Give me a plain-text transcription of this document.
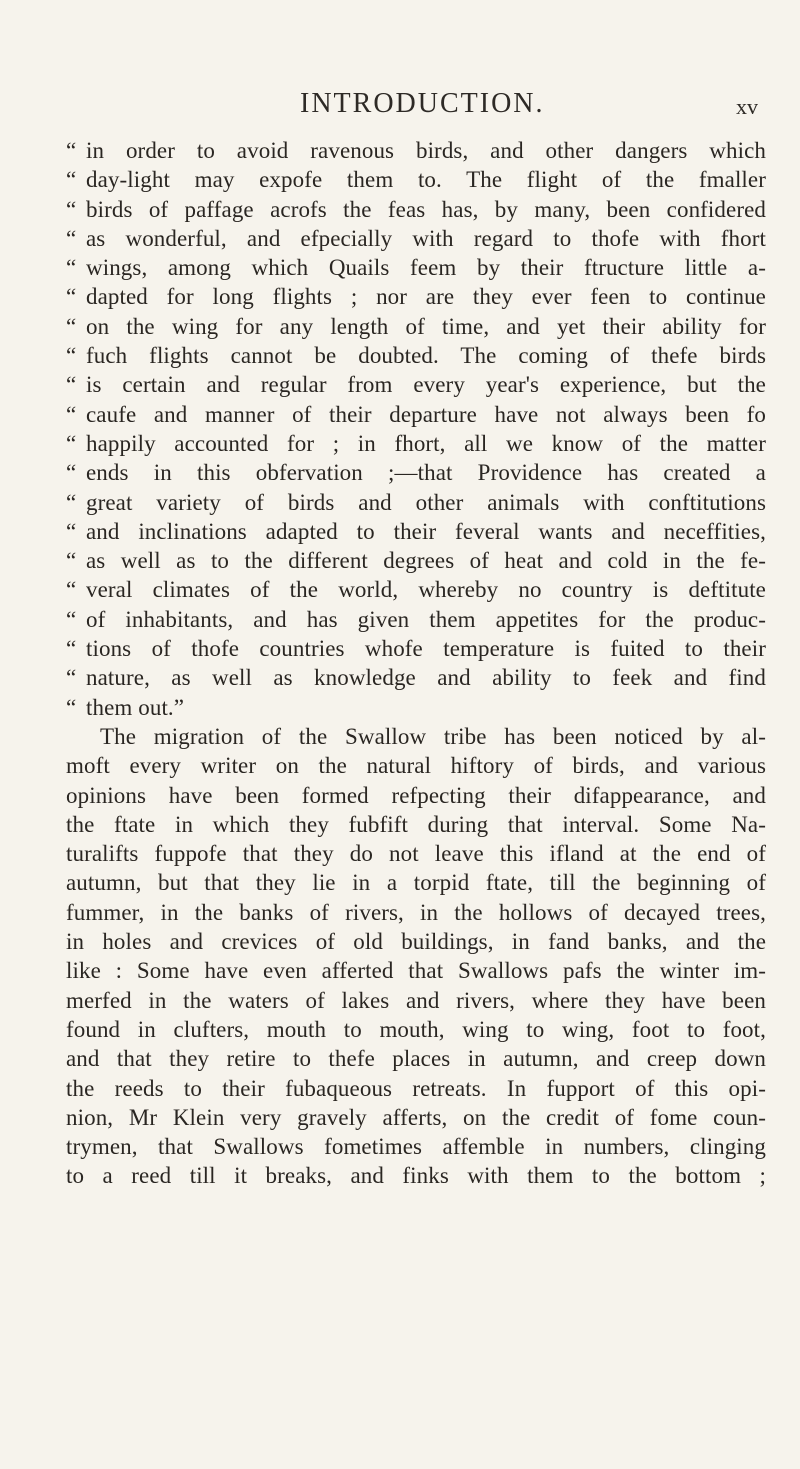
INTRODUCTION.	xv
“ in order to avoid ravenous birds, and other dangers which
“ day-light may expofe them to. The flight of the fmaller
“ birds of paffage acrofs the feas has, by many, been confidered
“ as wonderful, and efpecially with regard to thofe with fhort
“ wings, among which Quails feem by their ftructure little a-
“ dapted for long flights ; nor are they ever feen to continue
“ on the wing for any length of time, and yet their ability for
“ fuch flights cannot be doubted. The coming of thefe birds
“ is certain and regular from every year's experience, but the
“ caufe and manner of their departure have not always been fo
“ happily accounted for ; in fhort, all we know of the matter
“ ends in this obfervation ;—that Providence has created a
“ great variety of birds and other animals with conftitutions
“ and inclinations adapted to their feveral wants and neceffities,
“ as well as to the different degrees of heat and cold in the fe-
“ veral climates of the world, whereby no country is deftitute
“ of inhabitants, and has given them appetites for the produc-
“ tions of thofe countries whofe temperature is fuited to their
“ nature, as well as knowledge and ability to feek and find
“ them out.”
The migration of the Swallow tribe has been noticed by al-
moft every writer on the natural hiftory of birds, and various
opinions have been formed refpecting their difappearance, and
the ftate in which they fubfift during that interval. Some Na-
turalifts fuppofe that they do not leave this ifland at the end of
autumn, but that they lie in a torpid ftate, till the beginning of
fummer, in the banks of rivers, in the hollows of decayed trees,
in holes and crevices of old buildings, in fand banks, and the
like : Some have even afferted that Swallows pafs the winter im-
merfed in the waters of lakes and rivers, where they have been
found in clufters, mouth to mouth, wing to wing, foot to foot,
and that they retire to thefe places in autumn, and creep down
the reeds to their fubaqueous retreats. In fupport of this opi-
nion, Mr Klein very gravely afferts, on the credit of fome coun-
trymen, that Swallows fometimes affemble in numbers, clinging
to a reed till it breaks, and finks with them to the bottom ;
